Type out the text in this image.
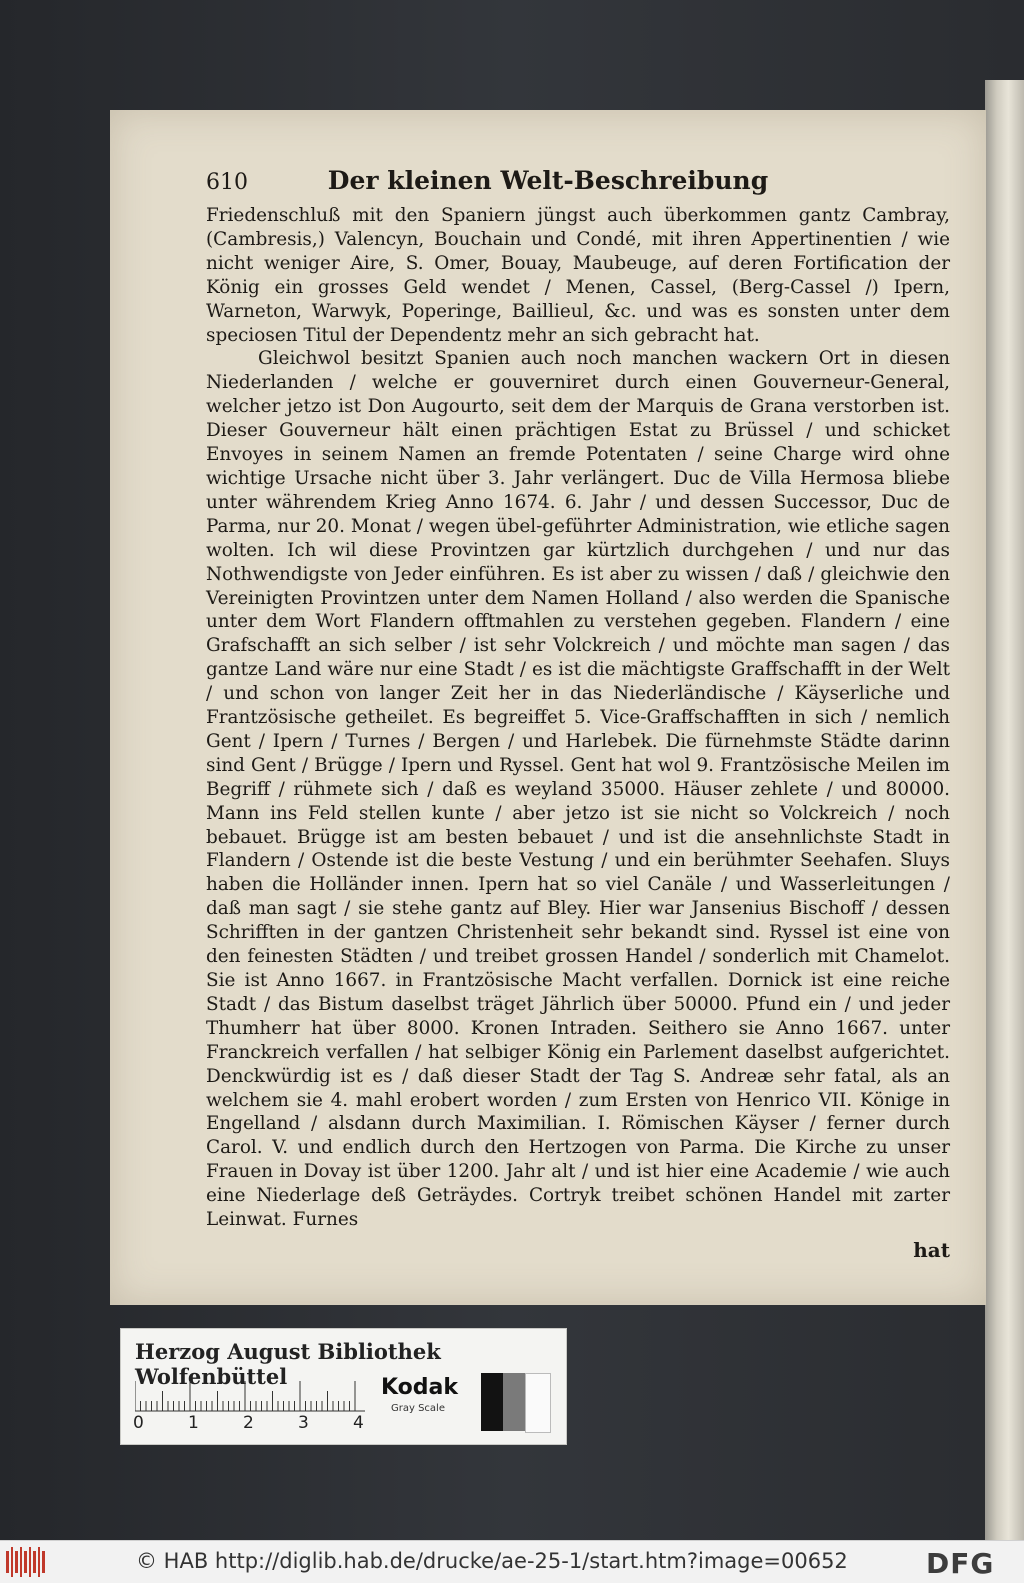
610	Der kleinen Welt-Beschreibung

Friedenschluß mit den Spaniern jüngst auch überkommen gantz Cambray, (Cambresis,) Valencyn, Bouchain und Condé, mit ihren Appertinentien / wie nicht weniger Aire, S. Omer, Bouay, Maubeuge, auf deren Fortification der König ein grosses Geld wendet / Menen, Cassel, (Berg-Cassel /) Ipern, Warneton, Warwyk, Poperinge, Baillieul, &c. und was es sonsten unter dem speciosen Titul der Dependentz mehr an sich gebracht hat.

Gleichwol besitzt Spanien auch noch manchen wackern Ort in diesen Niederlanden / welche er gouverniret durch einen Gouverneur-General, welcher jetzo ist Don Augourto, seit dem der Marquis de Grana verstorben ist. Dieser Gouverneur hält einen prächtigen Estat zu Brüssel / und schicket Envoyes in seinem Namen an fremde Potentaten / seine Charge wird ohne wichtige Ursache nicht über 3. Jahr verlängert. Duc de Villa Hermosa bliebe unter währendem Krieg Anno 1674. 6. Jahr / und dessen Successor, Duc de Parma, nur 20. Monat / wegen übel-geführter Administration, wie etliche sagen wolten. Ich wil diese Provintzen gar kürtzlich durchgehen / und nur das Nothwendigste von Jeder einführen. Es ist aber zu wissen / daß / gleichwie den Vereinigten Provintzen unter dem Namen Holland / also werden die Spanische unter dem Wort Flandern offtmahlen zu verstehen gegeben. Flandern / eine Grafschafft an sich selber / ist sehr Volckreich / und möchte man sagen / das gantze Land wäre nur eine Stadt / es ist die mächtigste Graffschafft in der Welt / und schon von langer Zeit her in das Niederländische / Käyserliche und Frantzösische getheilet. Es begreiffet 5. Vice-Graffschafften in sich / nemlich Gent / Ipern / Turnes / Bergen / und Harlebek. Die fürnehmste Städte darinn sind Gent / Brügge / Ipern und Ryssel. Gent hat wol 9. Frantzösische Meilen im Begriff / rühmete sich / daß es weyland 35000. Häuser zehlete / und 80000. Mann ins Feld stellen kunte / aber jetzo ist sie nicht so Volckreich / noch bebauet. Brügge ist am besten bebauet / und ist die ansehnlichste Stadt in Flandern / Ostende ist die beste Vestung / und ein berühmter Seehafen. Sluys haben die Holländer innen. Ipern hat so viel Canäle / und Wasserleitungen / daß man sagt / sie stehe gantz auf Bley. Hier war Jansenius Bischoff / dessen Schrifften in der gantzen Christenheit sehr bekandt sind. Ryssel ist eine von den feinesten Städten / und treibet grossen Handel / sonderlich mit Chamelot. Sie ist Anno 1667. in Frantzösische Macht verfallen. Dornick ist eine reiche Stadt / das Bistum daselbst träget Jährlich über 50000. Pfund ein / und jeder Thumherr hat über 8000. Kronen Intraden. Seithero sie Anno 1667. unter Franckreich verfallen / hat selbiger König ein Parlement daselbst aufgerichtet. Denckwürdig ist es / daß dieser Stadt der Tag S. Andreæ sehr fatal, als an welchem sie 4. mahl erobert worden / zum Ersten von Henrico VII. Könige in Engelland / alsdann durch Maximilian. I. Römischen Käyser / ferner durch Carol. V. und endlich durch den Hertzogen von Parma. Die Kirche zu unser Frauen in Dovay ist über 1200. Jahr alt / und ist hier eine Academie / wie auch eine Niederlage deß Geträydes. Cortryk treibet schönen Handel mit zarter Leinwat. Furnes

hat
Herzog August Bibliothek Wolfenbüttel
0	1	2	3	4
Kodak
Gray Scale
© HAB http://diglib.hab.de/drucke/ae-25-1/start.htm?image=00652	DFG
